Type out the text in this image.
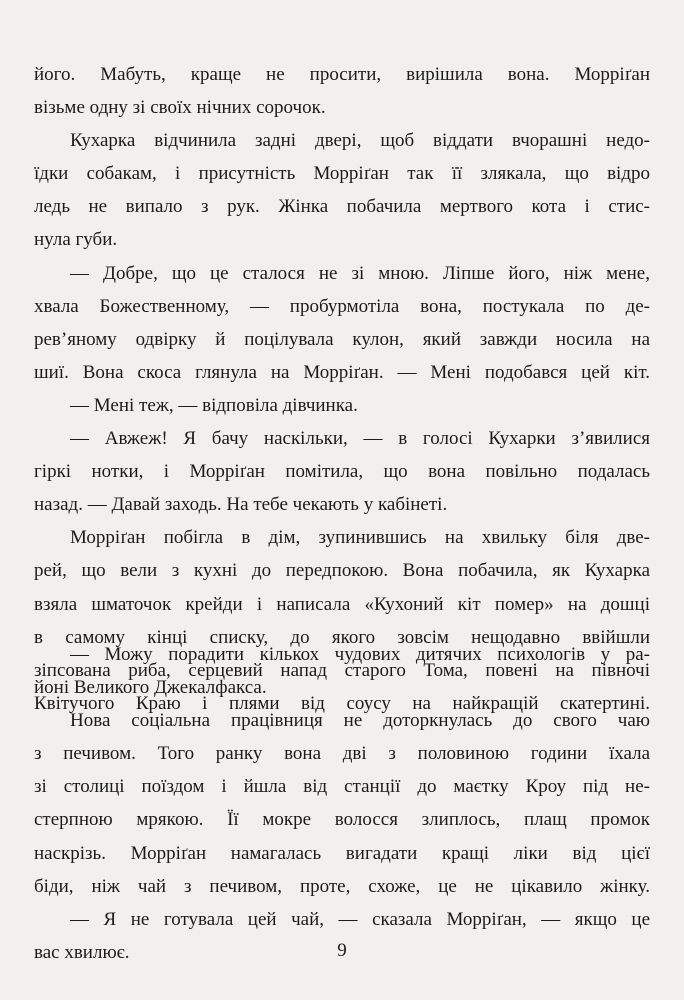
його. Мабуть, краще не просити, вирішила вона. Морріґан
візьме одну зі своїх нічних сорочок.

Кухарка відчинила задні двері, щоб віддати вчорашні недо-
їдки собакам, і присутність Морріґан так її злякала, що відро
ледь не випало з рук. Жінка побачила мертвого кота і стис-
нула губи.

— Добре, що це сталося не зі мною. Ліпше його, ніж мене,
хвала Божественному, — пробурмотіла вона, постукала по де-
рев’яному одвірку й поцілувала кулон, який завжди носила на
шиї. Вона скоса глянула на Морріґан. — Мені подобався цей кіт.

— Мені теж, — відповіла дівчинка.

— Авжеж! Я бачу наскільки, — в голосі Кухарки з’явилися
гіркі нотки, і Морріґан помітила, що вона повільно подалась
назад. — Давай заходь. На тебе чекають у кабінеті.

Морріґан побігла в дім, зупинившись на хвильку біля две-
рей, що вели з кухні до передпокою. Вона побачила, як Кухарка
взяла шматочок крейди і написала «Кухоний кіт помер» на дошці
в самому кінці списку, до якого зовсім нещодавно ввійшли
зіпсована риба, серцевий напад старого Тома, повені на півночі
Квітучого Краю і плями від соусу на найкращій скатертині.

— Можу порадити кількох чудових дитячих психологів у ра-
йоні Великого Джекалфакса.

Нова соціальна працівниця не доторкнулась до свого чаю
з печивом. Того ранку вона дві з половиною години їхала
зі столиці поїздом і йшла від станції до маєтку Кроу під не-
стерпною мрякою. Її мокре волосся злиплось, плащ промок
наскрізь. Морріґан намагалась вигадати кращі ліки від цієї
біди, ніж чай з печивом, проте, схоже, це не цікавило жінку.

— Я не готувала цей чай, — сказала Морріґан, — якщо це
вас хвилює.	9
